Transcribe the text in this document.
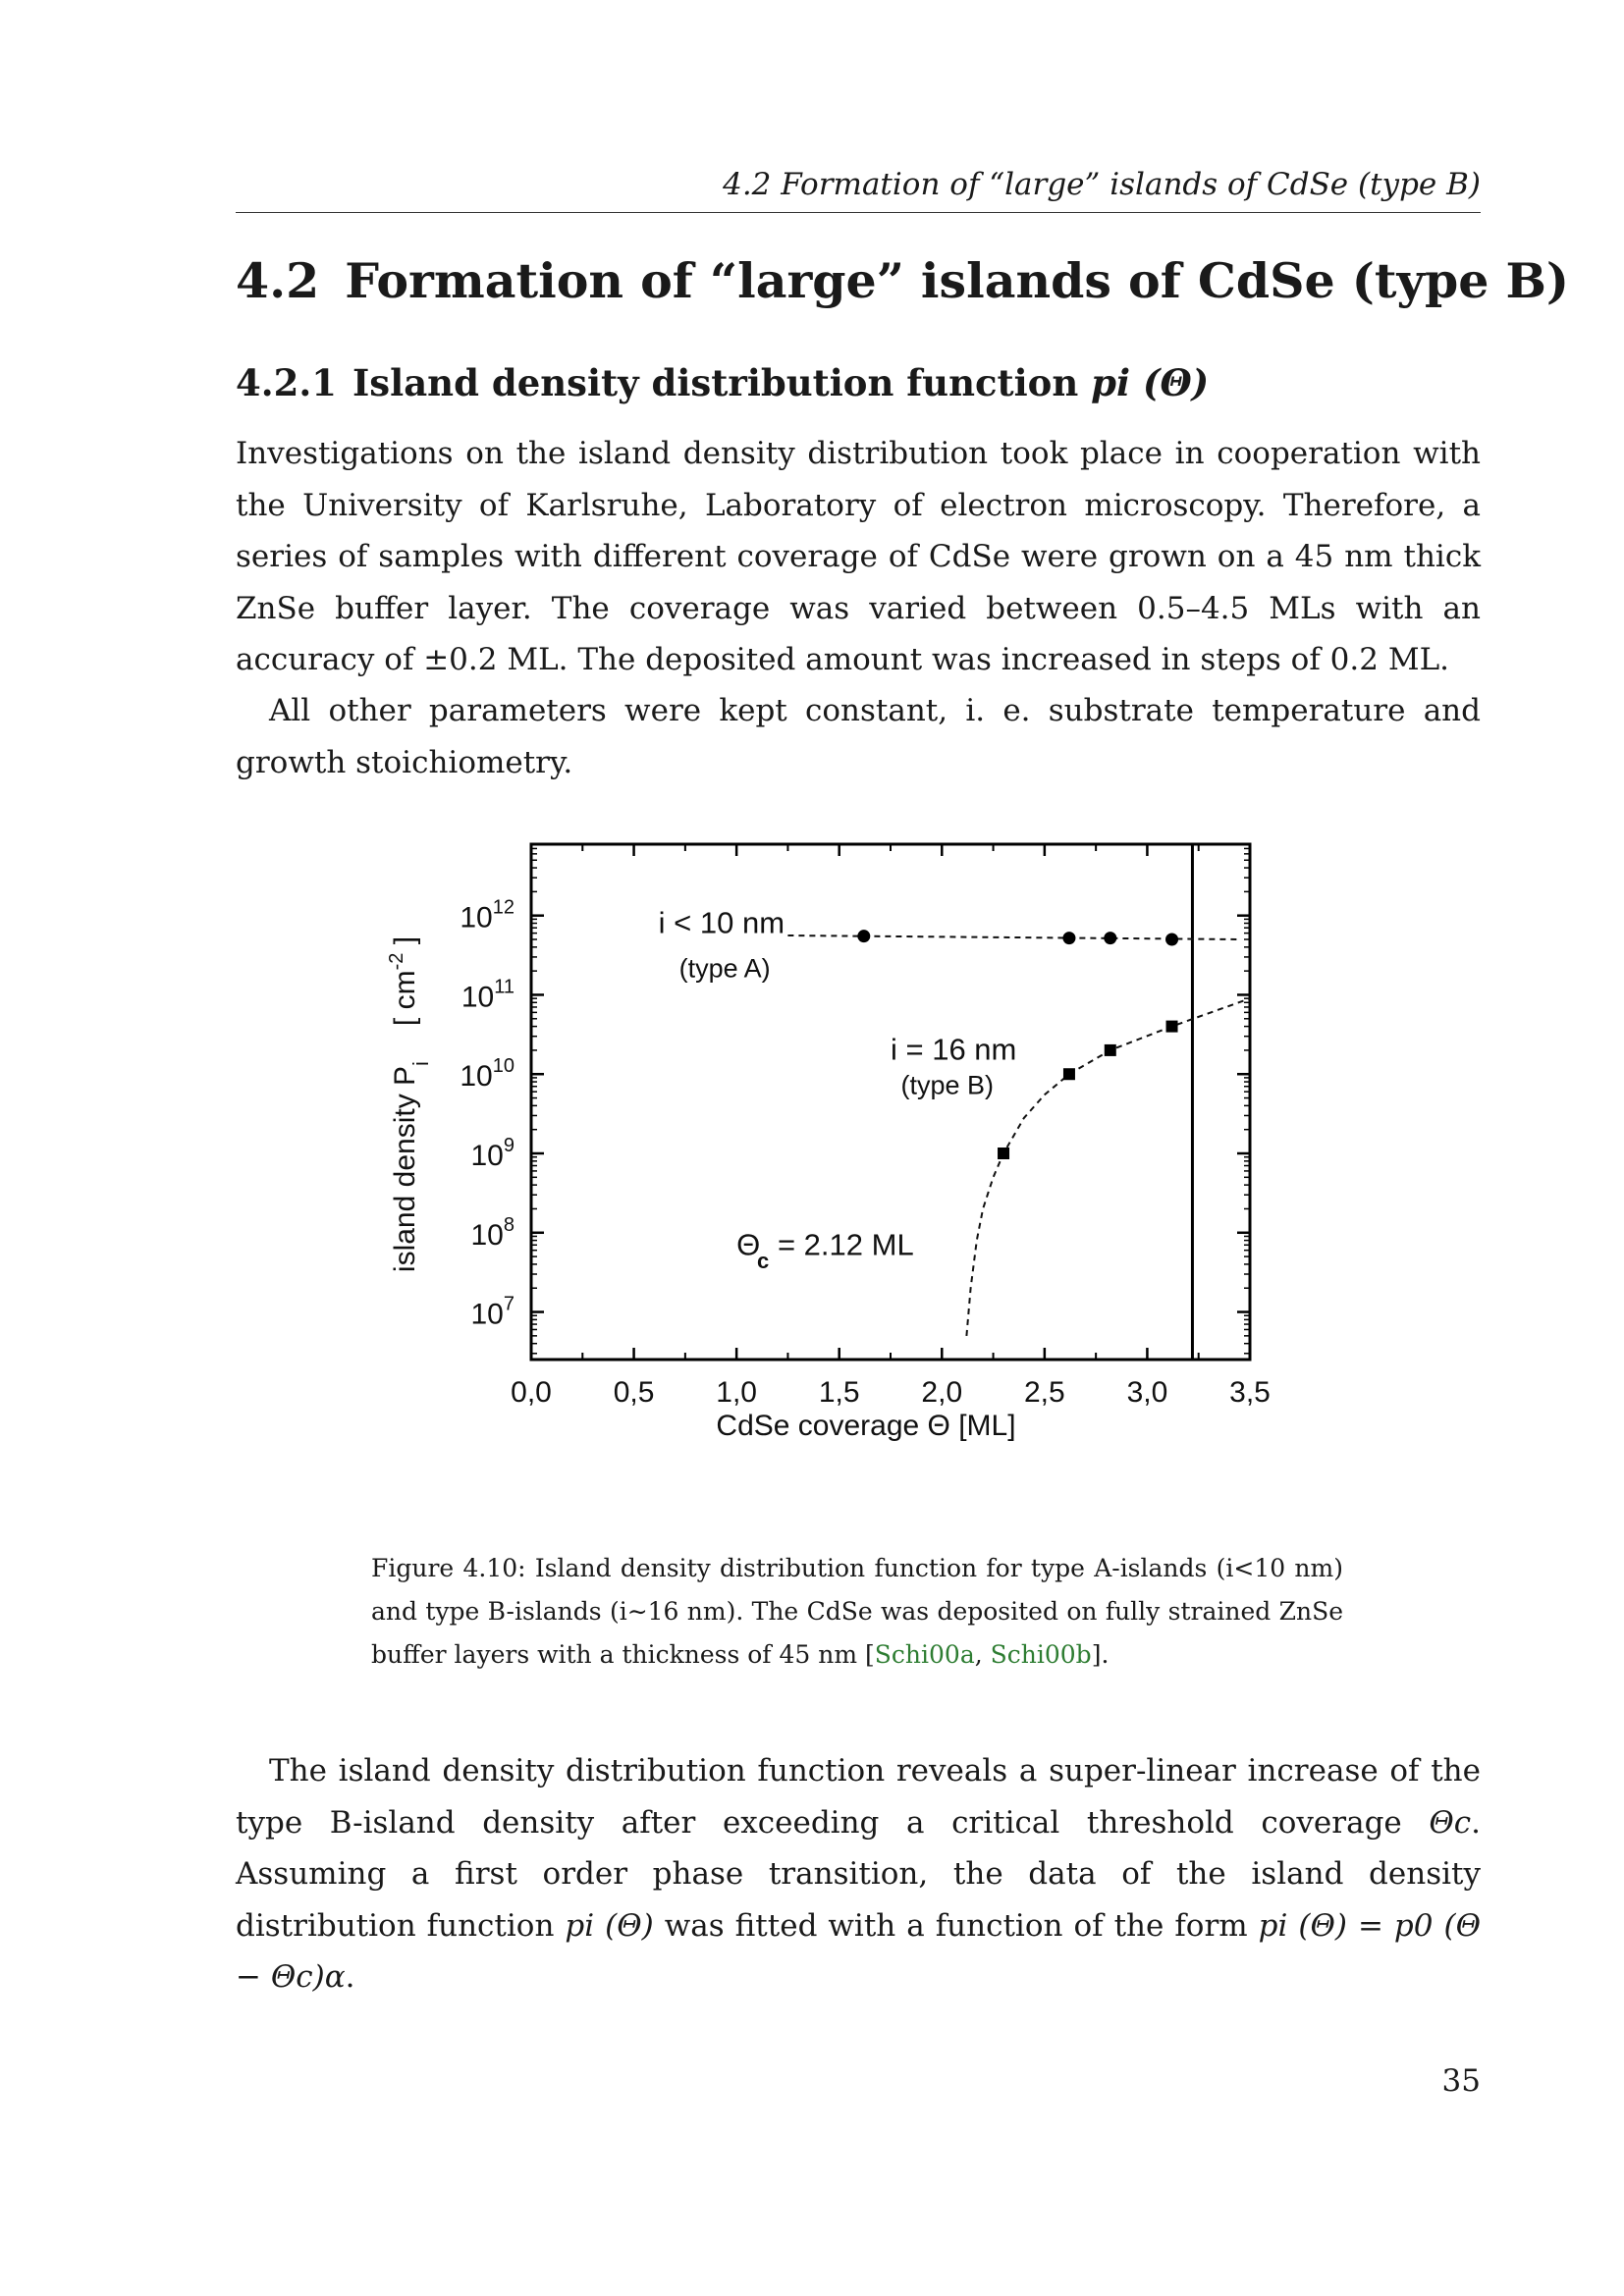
4.2 Formation of “large” islands of CdSe (type B)
4.2 Formation of “large” islands of CdSe (type B)
4.2.1 Island density distribution function pi (Θ)

Investigations on the island density distribution took place in cooperation with the University of Karlsruhe, Laboratory of electron microscopy. Therefore, a series of samples with different coverage of CdSe were grown on a 45 nm thick ZnSe buffer layer. The coverage was varied between 0.5–4.5 MLs with an accuracy of ±0.2 ML. The deposited amount was increased in steps of 0.2 ML.

All other parameters were kept constant, i. e. substrate temperature and growth stoichiometry.

0,0 0,5 1,0 1,5 2,0 2,5 3,0 3,5
$10^7$
$10^8$
$10^9$
$10^{10}$
$10^{11}$
$10^{12}$	i < 10 nm
(type A)
i = 16 nm
(type B)
Θ
c = 2.12 ML
CdSe coverage Θ [ML]
island density $P_i$[ $cm^{-2}$ ]

Figure 4.10: Island density distribution function for type A-islands (i<10 nm) and type B-islands (i∼16 nm). The CdSe was deposited on fully strained ZnSe buffer layers with a thickness of 45 nm [Schi00a, Schi00b].

The island density distribution function reveals a super-linear increase of the type B-island density after exceeding a critical threshold coverage Θc. Assuming a first order phase transition, the data of the island density distribution function pi (Θ) was fitted with a function of the form pi (Θ) = p0 (Θ − Θc)α.

35
